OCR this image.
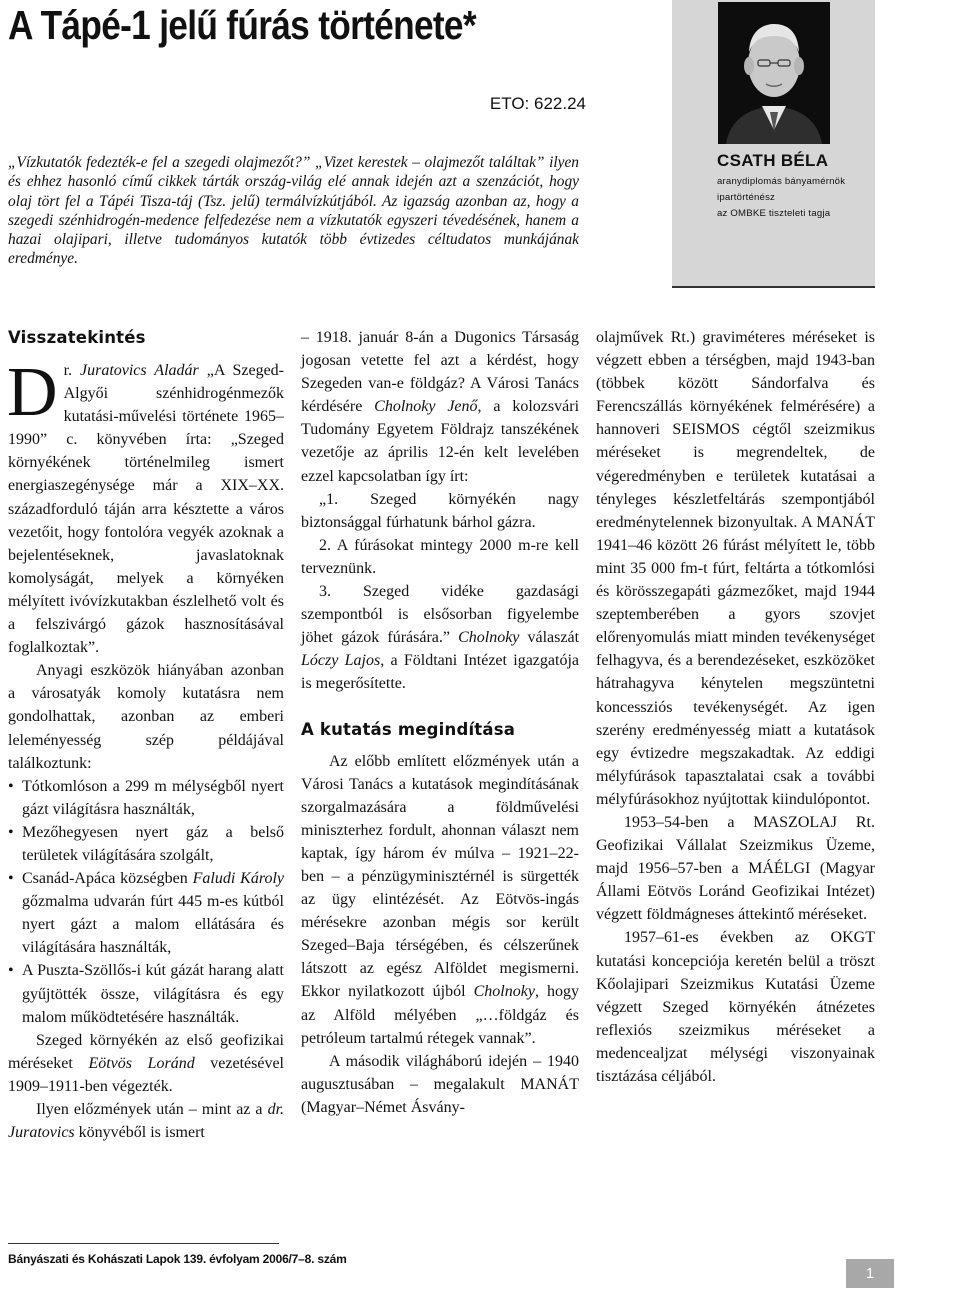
A Tápé-1 jelű fúrás története*
ETO: 622.24

„Vízkutatók fedezték-e fel a szegedi olajmezőt?” „Vizet kerestek – olajmezőt találtak” ilyen és ehhez hasonló című cikkek tárták ország-világ elé annak idején azt a szenzációt, hogy olaj tört fel a Tápéi Tisza-táj (Tsz. jelű) termálvízkútjából. Az igazság azonban az, hogy a szegedi szénhidrogén-medence felfedezése nem a vízkutatók egyszeri tévedésének, hanem a hazai olajipari, illetve tudományos kutatók több évtizedes céltudatos munkájának eredménye.

CSATH BÉLA
aranydiplomás bányamérnök
ipartörténész
az OMBKE tiszteleti tagja
Visszatekintés

Dr. Juratovics Aladár „A Szeged-Algyői szénhidrogénmezők kutatási-művelési története 1965–1990” c. könyvében írta: „Szeged környékének történelmileg ismert energiaszegénysége már a XIX–XX. századforduló táján arra késztette a város vezetőit, hogy fontolóra vegyék azoknak a bejelentéseknek, javaslatoknak komolyságát, melyek a környéken mélyített ivóvízkutakban észlelhető volt és a felszivárgó gázok hasznosításával foglalkoztak”.

Anyagi eszközök hiányában azonban a városatyák komoly kutatásra nem gondolhattak, azonban az emberi leleményesség szép példájával találkoztunk:

• Tótkomlóson a 299 m mélységből nyert gázt világításra használták,
• Mezőhegyesen nyert gáz a belső területek világítására szolgált,
• Csanád-Apáca községben Faludi Károly gőzmalma udvarán fúrt 445 m-es kútból nyert gázt a malom ellátására és világítására használták,
• A Puszta-Szöllős-i kút gázát harang alatt gyűjtötték össze, világításra és egy malom működtetésére használták.

Szeged környékén az első geofizikai méréseket Eötvös Loránd vezetésével 1909–1911-ben végezték.

Ilyen előzmények után – mint az a dr. Juratovics könyvéből is ismert

– 1918. január 8-án a Dugonics Társaság jogosan vetette fel azt a kérdést, hogy Szegeden van-e földgáz? A Városi Tanács kérdésére Cholnoky Jenő, a kolozsvári Tudomány Egyetem Földrajz tanszékének vezetője az április 12-én kelt levelében ezzel kapcsolatban így írt:

„1. Szeged környékén nagy biztonsággal fúrhatunk bárhol gázra.

2. A fúrásokat mintegy 2000 m-re kell terveznünk.

3. Szeged vidéke gazdasági szempontból is elsősorban figyelembe jöhet gázok fúrására.” Cholnoky válaszát Lóczy Lajos, a Földtani Intézet igazgatója is megerősítette.

A kutatás megindítása

Az előbb említett előzmények után a Városi Tanács a kutatások megindításának szorgalmazására a földművelési miniszterhez fordult, ahonnan választ nem kaptak, így három év múlva – 1921–22-ben – a pénzügyminisztérnél is sürgették az ügy elintézését. Az Eötvös-ingás mérésekre azonban mégis sor került Szeged–Baja térségében, és célszerűnek látszott az egész Alföldet megismerni. Ekkor nyilatkozott újból Cholnoky, hogy az Alföld mélyében „…földgáz és petróleum tartalmú rétegek vannak”.

A második világháború idején – 1940 augusztusában – megalakult MANÁT (Magyar–Német Ásvány-

olajművek Rt.) graviméteres méréseket is végzett ebben a térségben, majd 1943-ban (többek között Sándorfalva és Ferencszállás környékének felmérésére) a hannoveri SEISMOS cégtől szeizmikus méréseket is megrendeltek, de végeredményben e területek kutatásai a tényleges készletfeltárás szempontjából eredménytelennek bizonyultak. A MANÁT 1941–46 között 26 fúrást mélyített le, több mint 35 000 fm-t fúrt, feltárta a tótkomlósi és körösszegapáti gázmezőket, majd 1944 szeptemberében a gyors szovjet előrenyomulás miatt minden tevékenységet felhagyva, és a berendezéseket, eszközöket hátrahagyva kénytelen megszüntetni koncessziós tevékenységét. Az igen szerény eredményesség miatt a kutatások egy évtizedre megszakadtak. Az eddigi mélyfúrások tapasztalatai csak a további mélyfúrásokhoz nyújtottak kiindulópontot.

1953–54-ben a MASZOLAJ Rt. Geofizikai Vállalat Szeizmikus Üzeme, majd 1956–57-ben a MÁÉLGI (Magyar Állami Eötvös Loránd Geofizikai Intézet) végzett földmágneses áttekintő méréseket.

1957–61-es években az OKGT kutatási koncepciója keretén belül a tröszt Kőolajipari Szeizmikus Kutatási Üzeme végzett Szeged környékén átnézetes reflexiós szeizmikus méréseket a medencealjzat mélységi viszonyainak tisztázása céljából.

Bányászati és Kohászati Lapok 139. évfolyam 2006/7–8. szám
1
